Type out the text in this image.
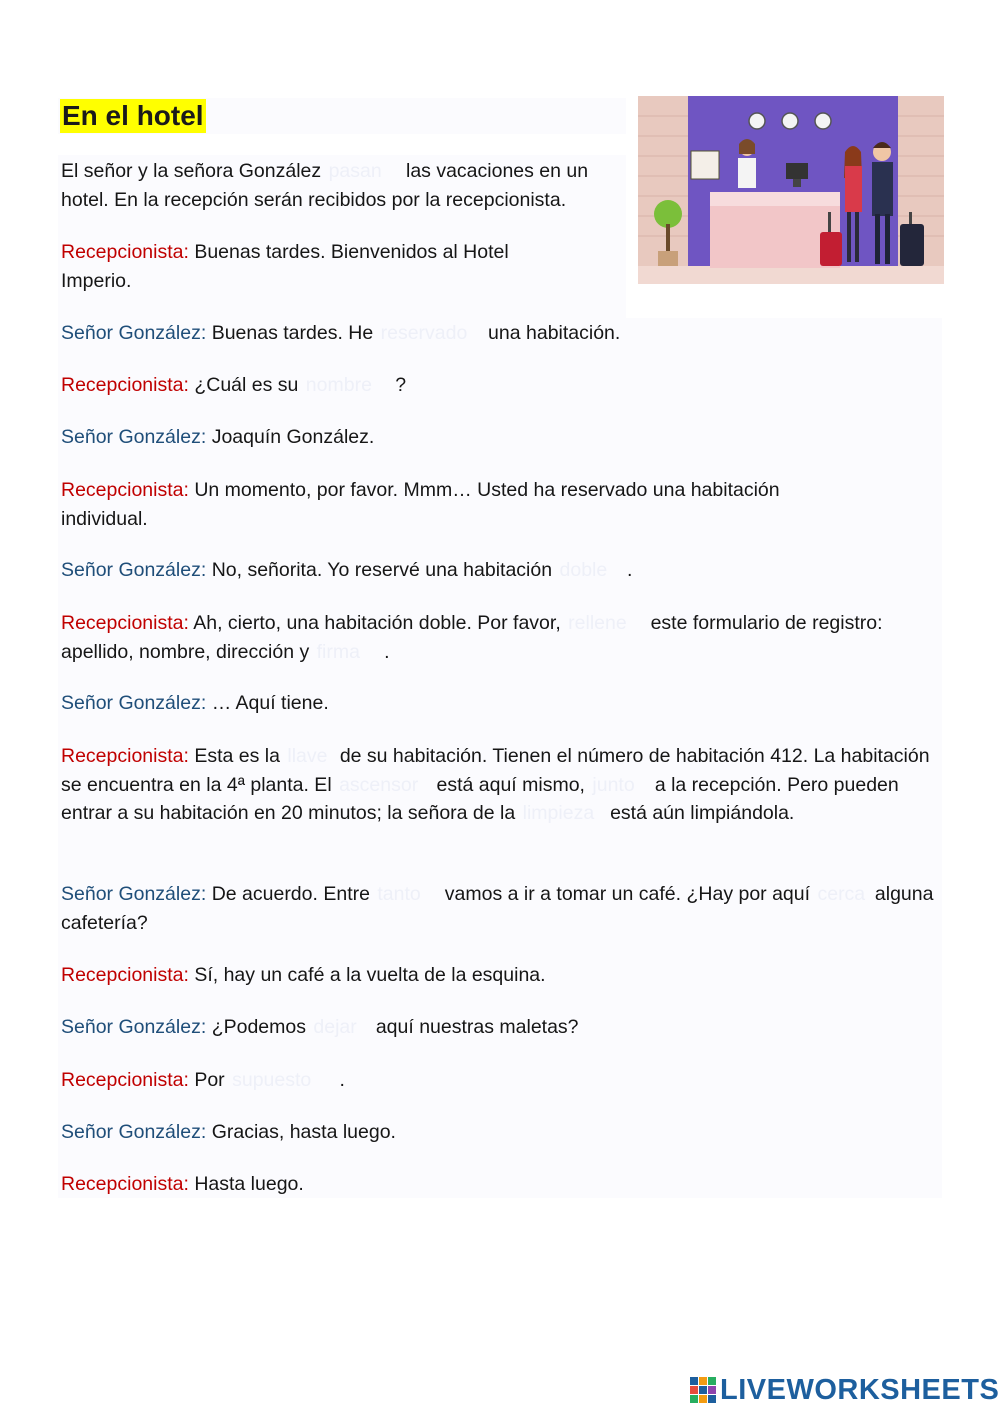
En el hotel
El señor y la señora González pasan las vacaciones en un hotel. En la recepción serán recibidos por la recepcionista.
Recepcionista: Buenas tardes. Bienvenidos al Hotel Imperio.
Señor González: Buenas tardes. He reservado una habitación.
Recepcionista: ¿Cuál es su nombre ?
Señor González: Joaquín González.
Recepcionista: Un momento, por favor. Mmm… Usted ha reservado una habitación individual.
Señor González: No, señorita. Yo reservé una habitación doble .
Recepcionista: Ah, cierto, una habitación doble. Por favor, rellene este formulario de registro: apellido, nombre, dirección y firma .
Señor González: … Aquí tiene.
Recepcionista: Esta es la llave de su habitación. Tienen el número de habitación 412. La habitación se encuentra en la 4ª planta. El ascensor está aquí mismo, junto a la recepción. Pero pueden entrar a su habitación en 20 minutos; la señora de la limpieza está aún limpiándola.
Señor González: De acuerdo. Entre tanto vamos a ir a tomar un café. ¿Hay por aquí cerca alguna cafetería?
Recepcionista: Sí, hay un café a la vuelta de la esquina.
Señor González: ¿Podemos dejar aquí nuestras maletas?
Recepcionista: Por supuesto .
Señor González: Gracias, hasta luego.
Recepcionista: Hasta luego.
LIVEWORKSHEETS
